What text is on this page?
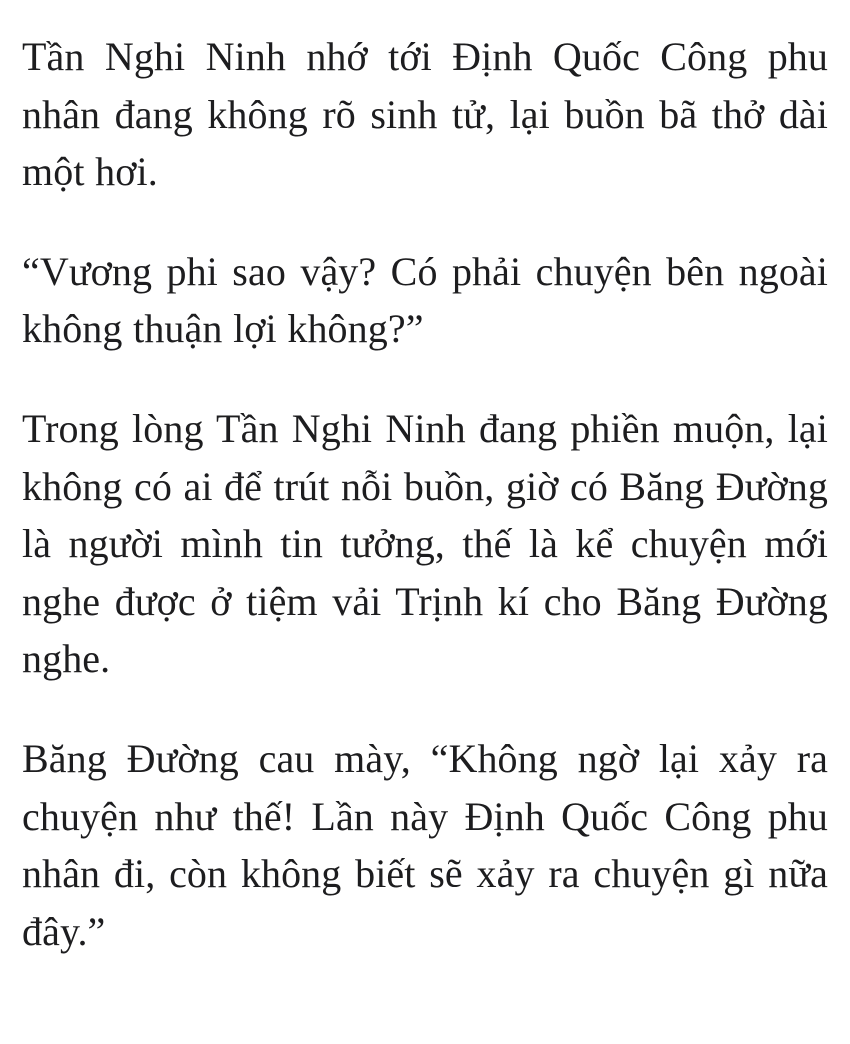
Tần Nghi Ninh nhớ tới Định Quốc Công phu nhân đang không rõ sinh tử, lại buồn bã thở dài một hơi.

“Vương phi sao vậy? Có phải chuyện bên ngoài không thuận lợi không?”

Trong lòng Tần Nghi Ninh đang phiền muộn, lại không có ai để trút nỗi buồn, giờ có Băng Đường là người mình tin tưởng, thế là kể chuyện mới nghe được ở tiệm vải Trịnh kí cho Băng Đường nghe.

Băng Đường cau mày, “Không ngờ lại xảy ra chuyện như thế! Lần này Định Quốc Công phu nhân đi, còn không biết sẽ xảy ra chuyện gì nữa đây.”
